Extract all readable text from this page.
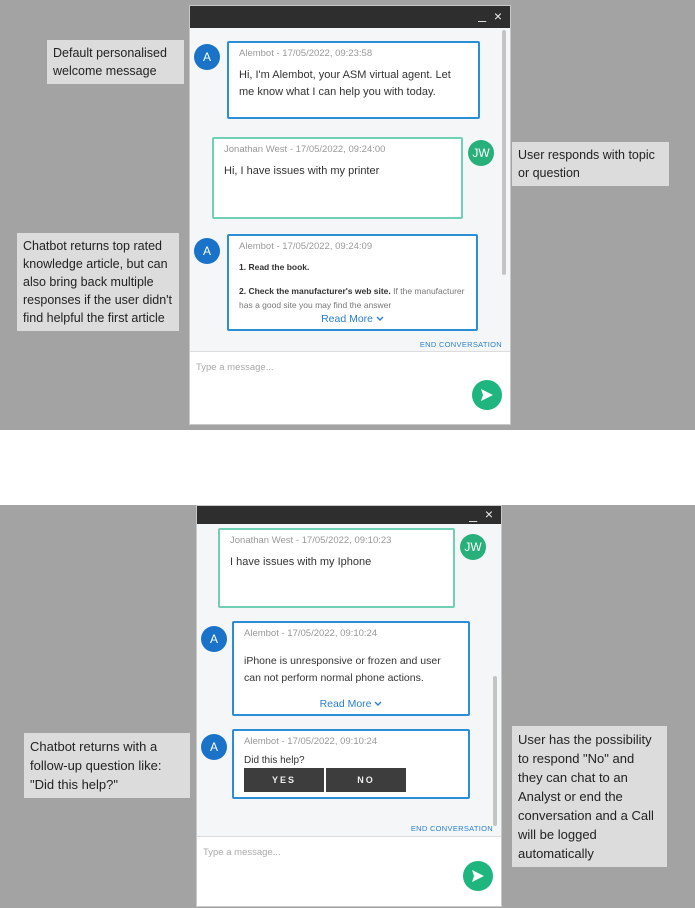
Default personalised welcome message
User responds with topic or question
Chatbot returns top rated knowledge article, but can also bring back multiple responses if the user didn't find helpful the first article
_ ×
A	Alembot - 17/05/2022, 09:23:58
Hi, I'm Alembot, your ASM virtual agent. Let me know what I can help you with today.
Jonathan West - 17/05/2022, 09:24:00
Hi, I have issues with my printer
JW
A	Alembot - 17/05/2022, 09:24:09
1. Read the book.
2. Check the manufacturer's web site. If the manufacturer has a good site you may find the answer
Read More
END CONVERSATION
Type a message...
Chatbot returns with a follow-up question like: "Did this help?"
User has the possibility to respond "No" and they can chat to an Analyst or end the conversation and a Call will be logged automatically
_ ×
Jonathan West - 17/05/2022, 09:10:23
I have issues with my Iphone
JW
A	Alembot - 17/05/2022, 09:10:24
iPhone is unresponsive or frozen and user can not perform normal phone actions.
Read More
A	Alembot - 17/05/2022, 09:10:24
Did this help?
YES	NO
END CONVERSATION
Type a message...
